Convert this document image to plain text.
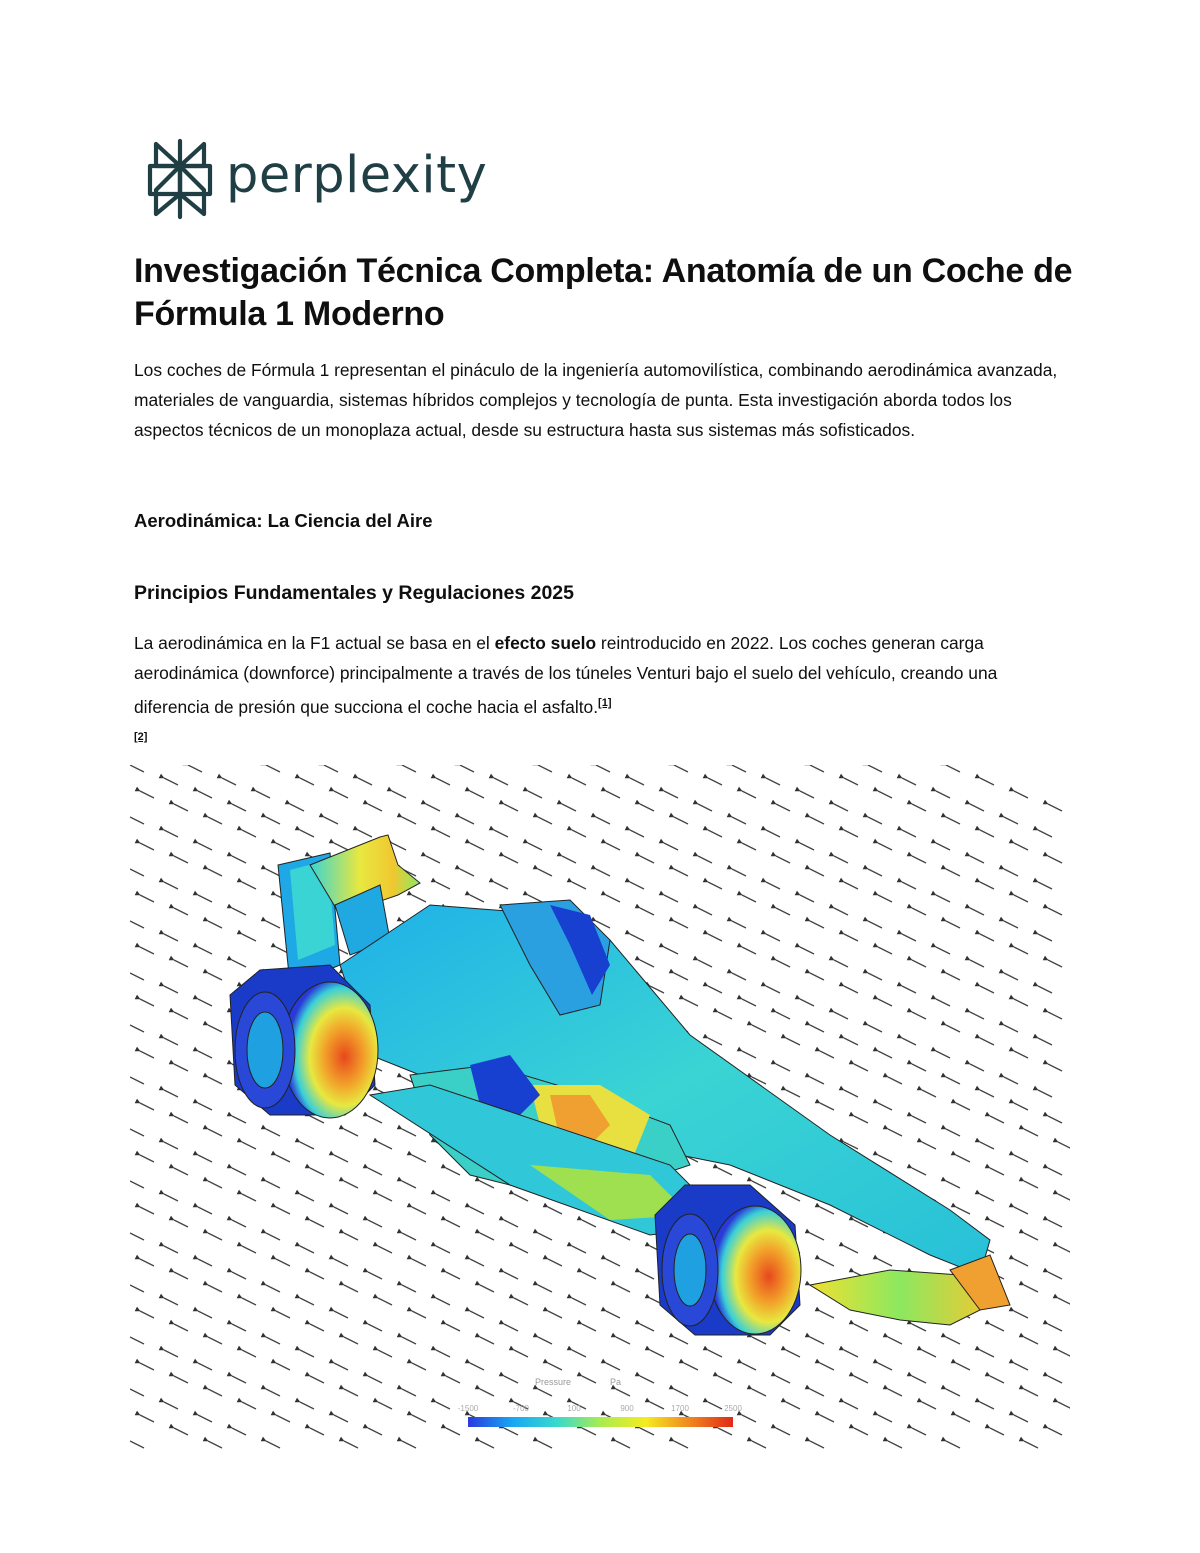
perplexity
Investigación Técnica Completa: Anatomía de un Coche de Fórmula 1 Moderno

Los coches de Fórmula 1 representan el pináculo de la ingeniería automovilística, combinando aerodinámica avanzada, materiales de vanguardia, sistemas híbridos complejos y tecnología de punta. Esta investigación aborda todos los aspectos técnicos de un monoplaza actual, desde su estructura hasta sus sistemas más sofisticados.

Aerodinámica: La Ciencia del Aire
Principios Fundamentales y Regulaciones 2025

La aerodinámica en la F1 actual se basa en el efecto suelo reintroducido en 2022. Los coches generan carga aerodinámica (downforce) principalmente a través de los túneles Venturi bajo el suelo del vehículo, creando una diferencia de presión que succiona el coche hacia el asfalto.[1]
[2]

Pressure	Pa
-1500	-700	100	900	1700	2500
